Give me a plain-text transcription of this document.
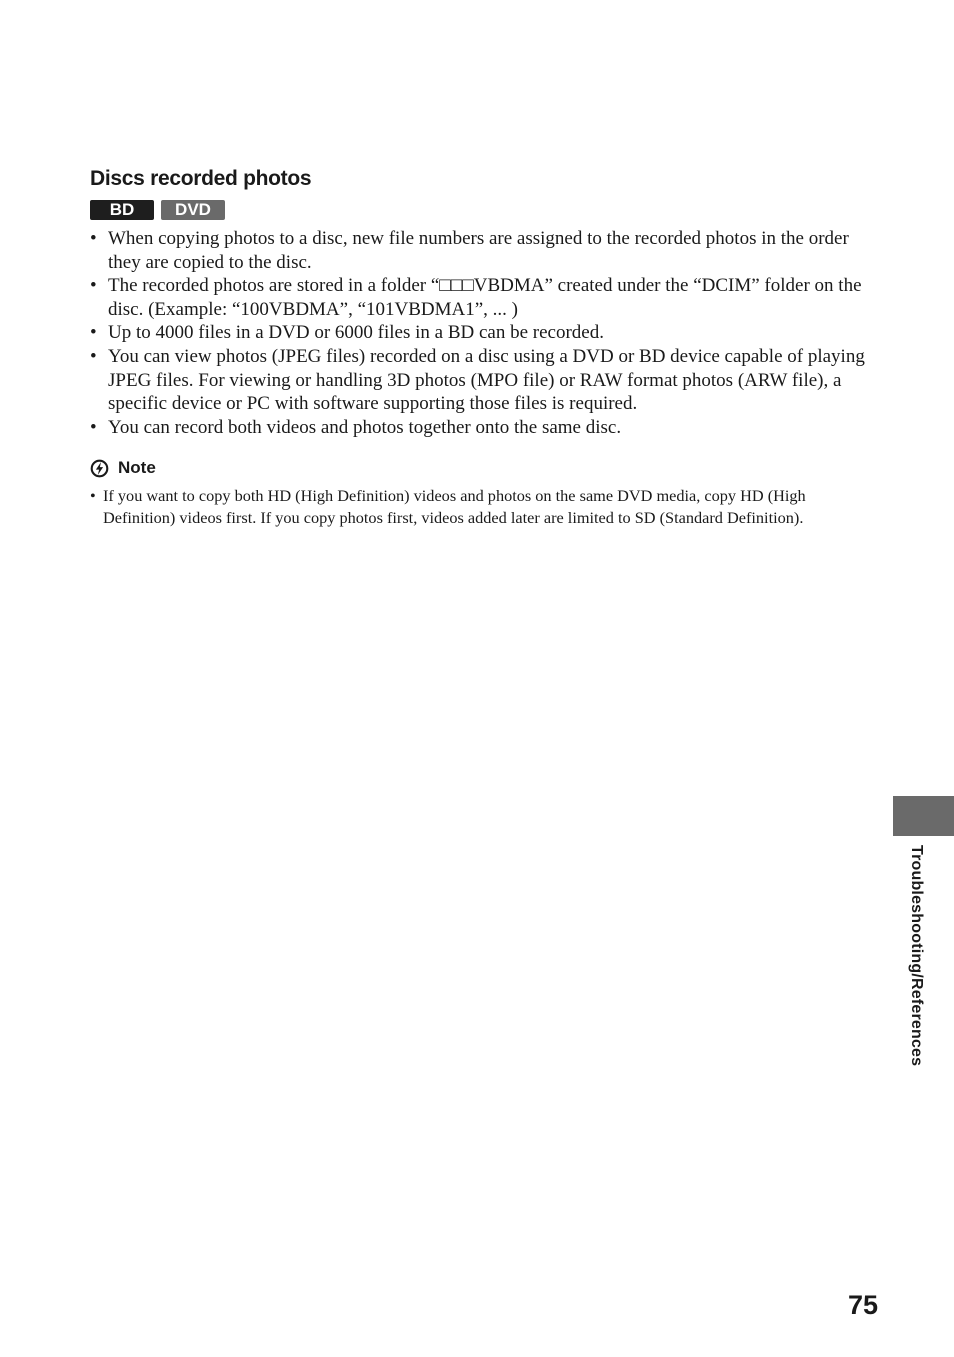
Discs recorded photos
BD	DVD
• When copying photos to a disc, new file numbers are assigned to the recorded photos in the order they are copied to the disc.
• The recorded photos are stored in a folder “□□□VBDMA” created under the “DCIM” folder on the disc. (Example: “100VBDMA”, “101VBDMA1”, ... )
• Up to 4000 files in a DVD or 6000 files in a BD can be recorded.
• You can view photos (JPEG files) recorded on a disc using a DVD or BD device capable of playing JPEG files. For viewing or handling 3D photos (MPO file) or RAW format photos (ARW file), a specific device or PC with software supporting those files is required.
• You can record both videos and photos together onto the same disc.
Note
• If you want to copy both HD (High Definition) videos and photos on the same DVD media, copy HD (High Definition) videos first. If you copy photos first, videos added later are limited to SD (Standard Definition).
Troubleshooting/References
75
